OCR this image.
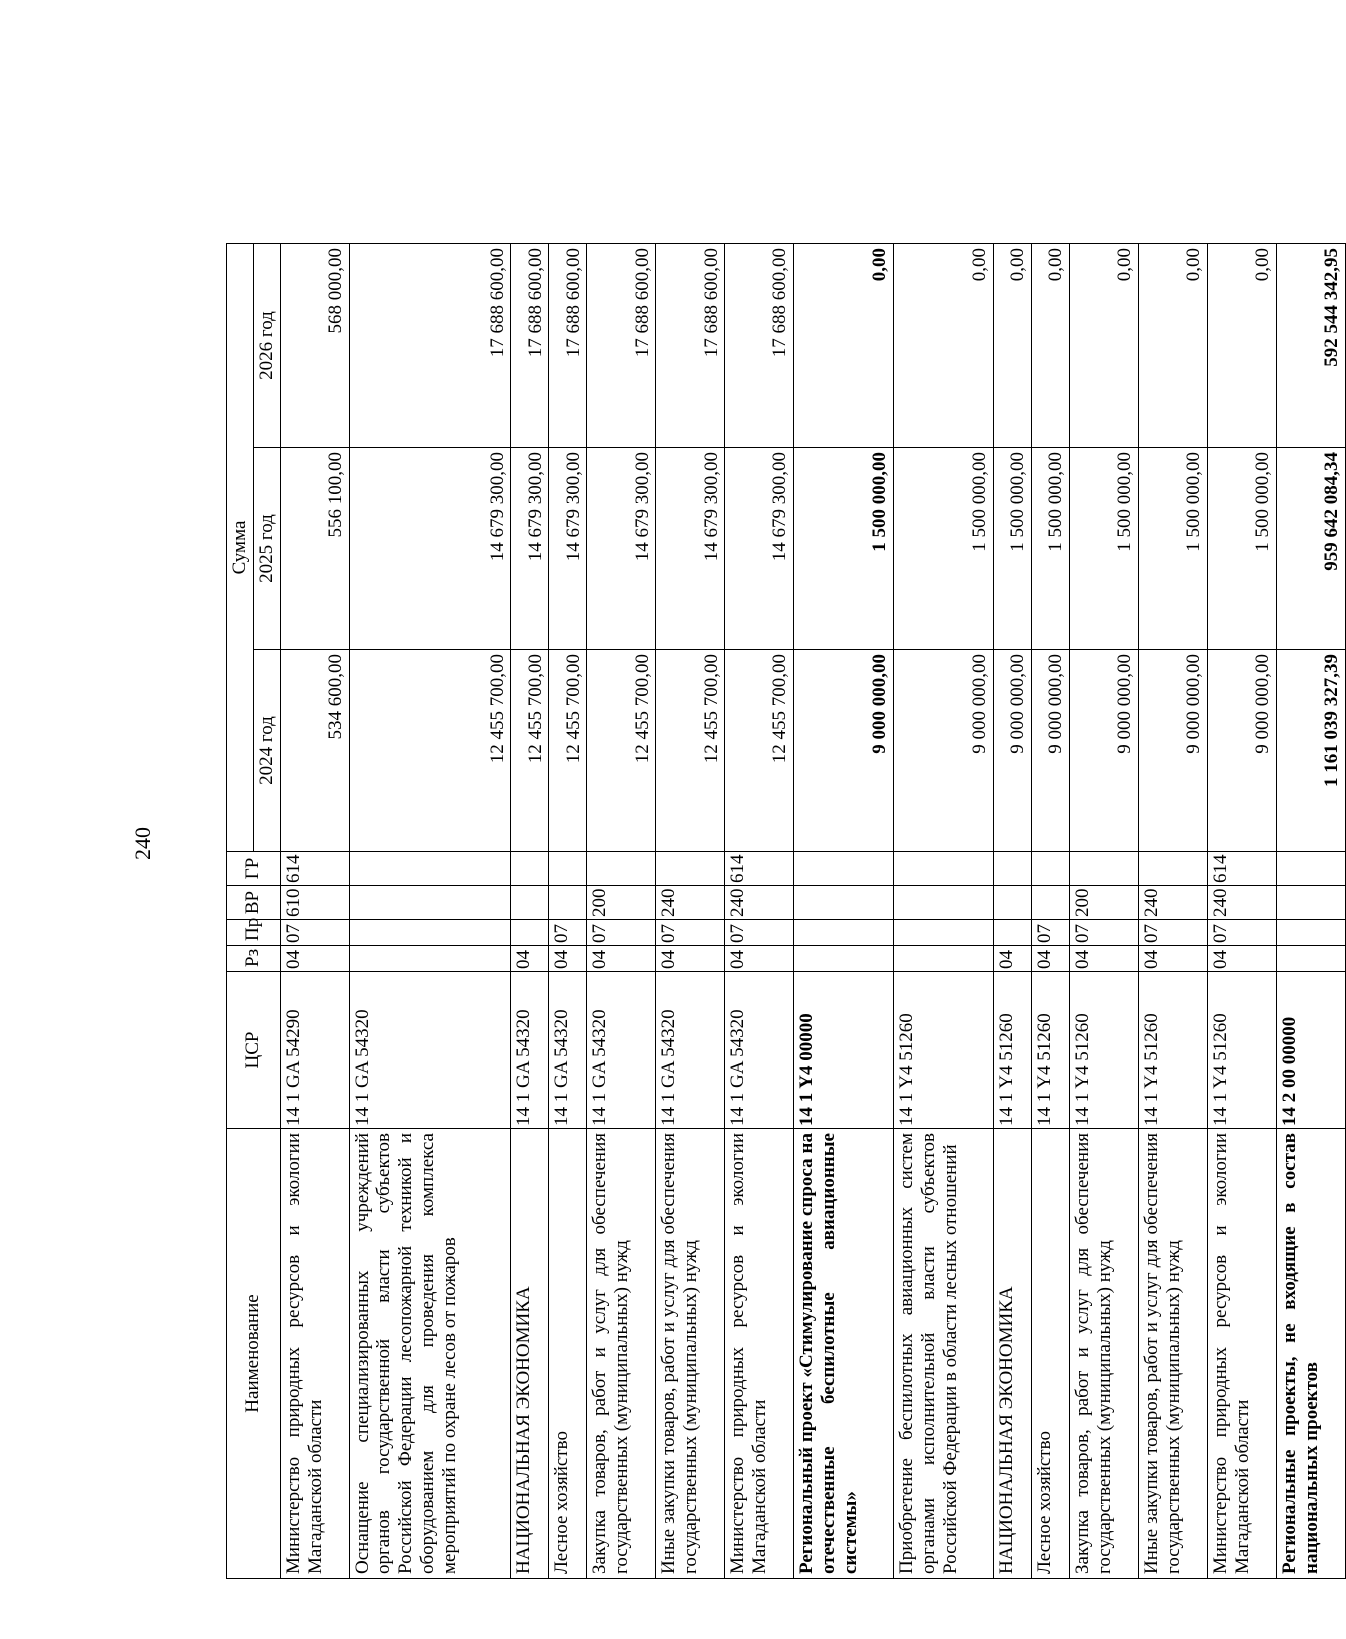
240
Наименование	ЦСР	Рз	Пр	ВР	ГР	Сумма		
						2024 год	2025 год	2026 год
Министерство природных ресурсов и экологии Магаданской области	14 1 GA 54290	04	07	610	614	534 600,00	556 100,00	568 000,00
Оснащение специализированных учреждений органов государственной власти субъектов Российской Федерации лесопожарной техникой и оборудованием для проведения комплекса мероприятий по охране лесов от пожаров	14 1 GA 54320					12 455 700,00	14 679 300,00	17 688 600,00
НАЦИОНАЛЬНАЯ ЭКОНОМИКА	14 1 GA 54320	04				12 455 700,00	14 679 300,00	17 688 600,00
Лесное хозяйство	14 1 GA 54320	04	07			12 455 700,00	14 679 300,00	17 688 600,00
Закупка товаров, работ и услуг для обеспечения государственных (муниципальных) нужд	14 1 GA 54320	04	07	200		12 455 700,00	14 679 300,00	17 688 600,00
Иные закупки товаров, работ и услуг для обеспечения государственных (муниципальных) нужд	14 1 GA 54320	04	07	240		12 455 700,00	14 679 300,00	17 688 600,00
Министерство природных ресурсов и экологии Магаданской области	14 1 GA 54320	04	07	240	614	12 455 700,00	14 679 300,00	17 688 600,00
Региональный проект «Стимулирование спроса на отечественные беспилотные авиационные системы»	14 1 Y4 00000					9 000 000,00	1 500 000,00	0,00
Приобретение беспилотных авиационных систем органами исполнительной власти субъектов Российской Федерации в области лесных отношений	14 1 Y4 51260					9 000 000,00	1 500 000,00	0,00
НАЦИОНАЛЬНАЯ ЭКОНОМИКА	14 1 Y4 51260	04				9 000 000,00	1 500 000,00	0,00
Лесное хозяйство	14 1 Y4 51260	04	07			9 000 000,00	1 500 000,00	0,00
Закупка товаров, работ и услуг для обеспечения государственных (муниципальных) нужд	14 1 Y4 51260	04	07	200		9 000 000,00	1 500 000,00	0,00
Иные закупки товаров, работ и услуг для обеспечения государственных (муниципальных) нужд	14 1 Y4 51260	04	07	240		9 000 000,00	1 500 000,00	0,00
Министерство природных ресурсов и экологии Магаданской области	14 1 Y4 51260	04	07	240	614	9 000 000,00	1 500 000,00	0,00
Региональные проекты, не входящие в состав национальных проектов	14 2 00 00000					1 161 039 327,39	959 642 084,34	592 544 342,95
